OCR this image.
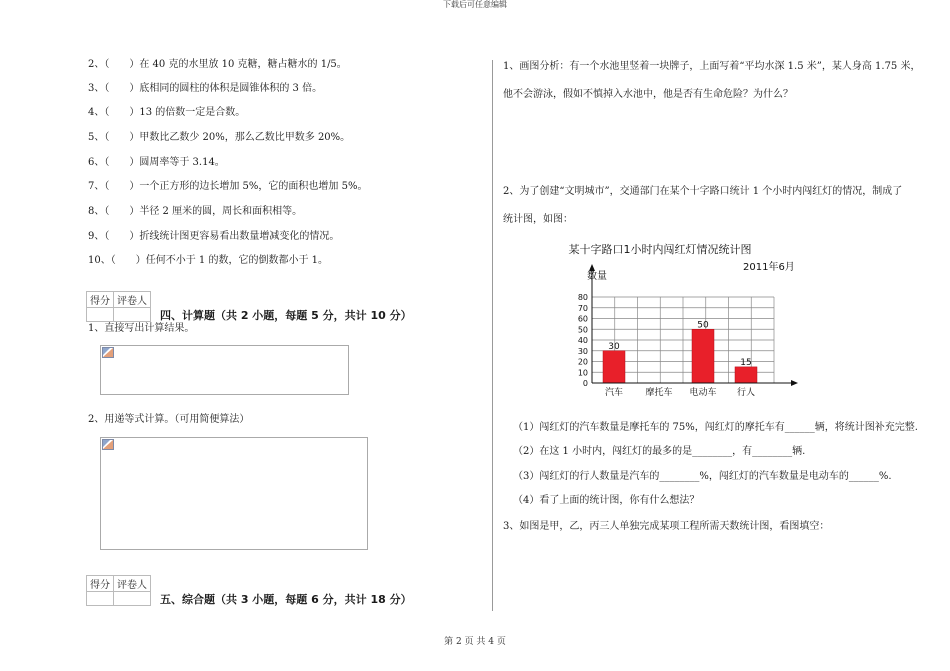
下载后可任意编辑
2、（　　）在 40 克的水里放 10 克糖，糖占糖水的 1/5。
3、（　　）底相同的圆柱的体积是圆锥体积的 3 倍。
4、（　　）13 的倍数一定是合数。
5、（　　）甲数比乙数少 20%，那么乙数比甲数多 20%。
6、（　　）圆周率等于 3.14。
7、（　　）一个正方形的边长增加 5%，它的面积也增加 5%。
8、（　　）半径 2 厘米的圆，周长和面积相等。
9、（　　）折线统计图更容易看出数量增减变化的情况。
10、（　　）任何不小于 1 的数，它的倒数都小于 1。
得分	评卷人

四、计算题（共 2 小题，每题 5 分，共计 10 分）
1、直接写出计算结果。
2、用递等式计算。（可用简便算法）
得分	评卷人

五、综合题（共 3 小题，每题 6 分，共计 18 分）
1、画图分析：有一个水池里竖着一块牌子，上面写着“平均水深 1.5 米”，某人身高 1.75 米，
他不会游泳，假如不慎掉入水池中，他是否有生命危险？为什么？
2、为了创建“文明城市”，交通部门在某个十字路口统计 1 个小时内闯红灯的情况，制成了
统计图，如图：
某十字路口1小时内闯红灯情况统计图
2011年6月
数量
0
10
20
30
40
50
60
70
80
30
汽车 摩托车
50
电动车
15
行人
（1）闯红灯的汽车数量是摩托车的 75%，闯红灯的摩托车有______辆，将统计图补充完整.
（2）在这 1 小时内，闯红灯的最多的是________，有________辆.
（3）闯红灯的行人数量是汽车的________%，闯红灯的汽车数量是电动车的______%.
（4）看了上面的统计图，你有什么想法？
3、如图是甲，乙，丙三人单独完成某项工程所需天数统计图，看图填空：
第 2 页 共 4 页
